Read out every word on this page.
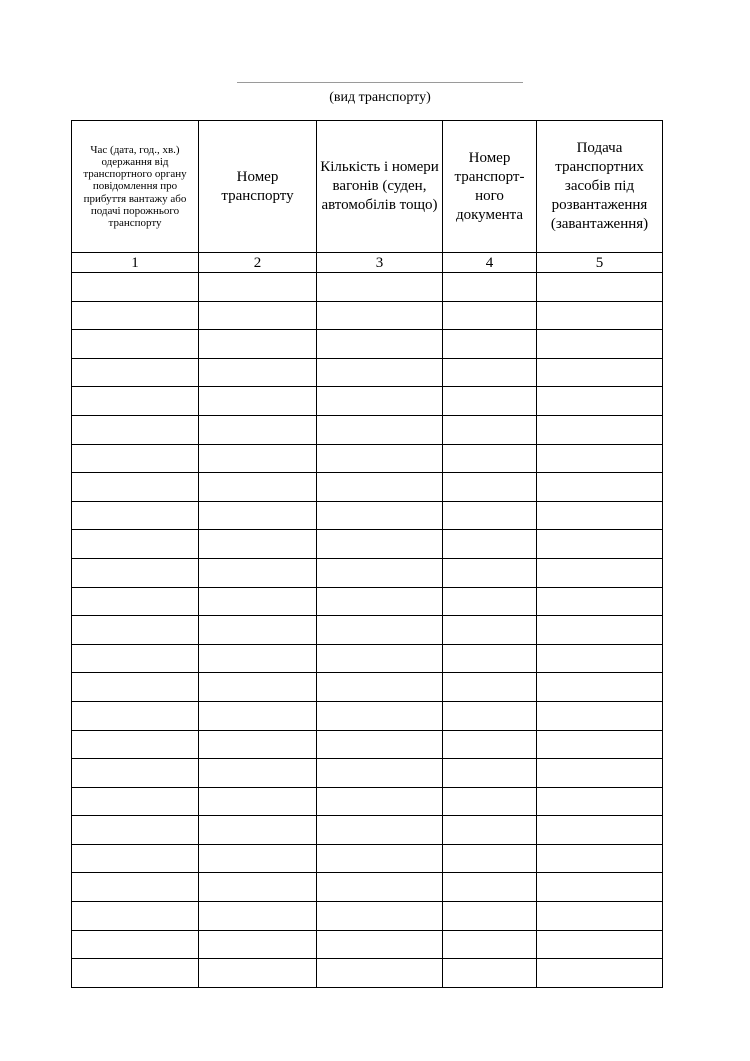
(вид транспорту)
Час (дата, год., хв.) одержання від транспортного органу повідомлення про прибуття вантажу або подачі порожнього транспорту	Номер транспорту	Кількість і номери вагонів (суден, автомобілів тощо)	Номер транспорт-ного документа	Подача транспортних засобів під розвантаження (завантаження)
1	2	3	4	5
